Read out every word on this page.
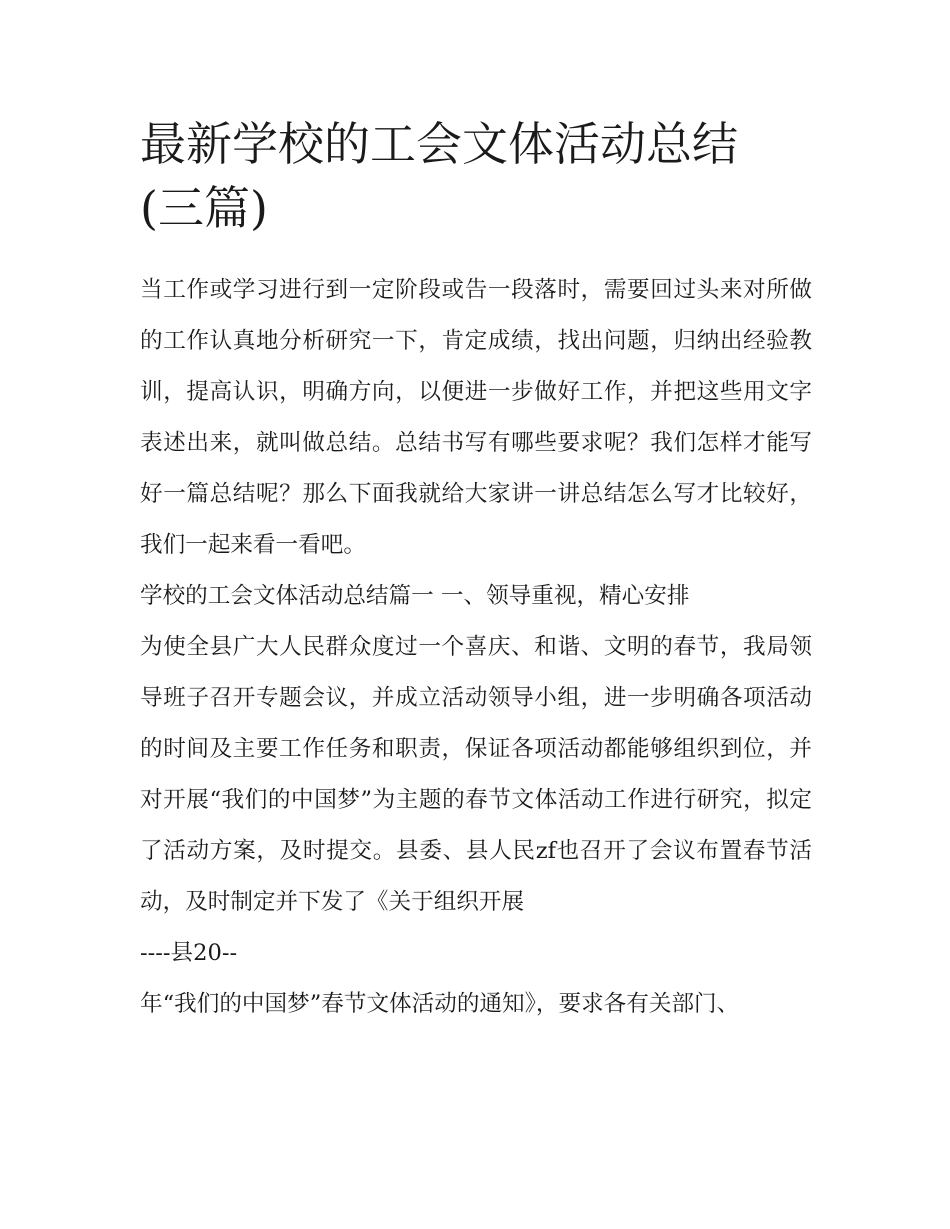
最新学校的工会文体活动总结
(三篇)

当工作或学习进行到一定阶段或告一段落时，需要回过头来对所做的工作认真地分析研究一下，肯定成绩，找出问题，归纳出经验教训，提高认识，明确方向，以便进一步做好工作，并把这些用文字表述出来，就叫做总结。总结书写有哪些要求呢？我们怎样才能写好一篇总结呢？那么下面我就给大家讲一讲总结怎么写才比较好，我们一起来看一看吧。

学校的工会文体活动总结篇一 一、领导重视，精心安排

为使全县广大人民群众度过一个喜庆、和谐、文明的春节，我局领导班子召开专题会议，并成立活动领导小组，进一步明确各项活动的时间及主要工作任务和职责，保证各项活动都能够组织到位，并对开展“我们的中国梦”为主题的春节文体活动工作进行研究，拟定了活动方案，及时提交。县委、县人民zf也召开了会议布置春节活动，及时制定并下发了《关于组织开展

----县20--

年“我们的中国梦”春节文体活动的通知》，要求各有关部门、
